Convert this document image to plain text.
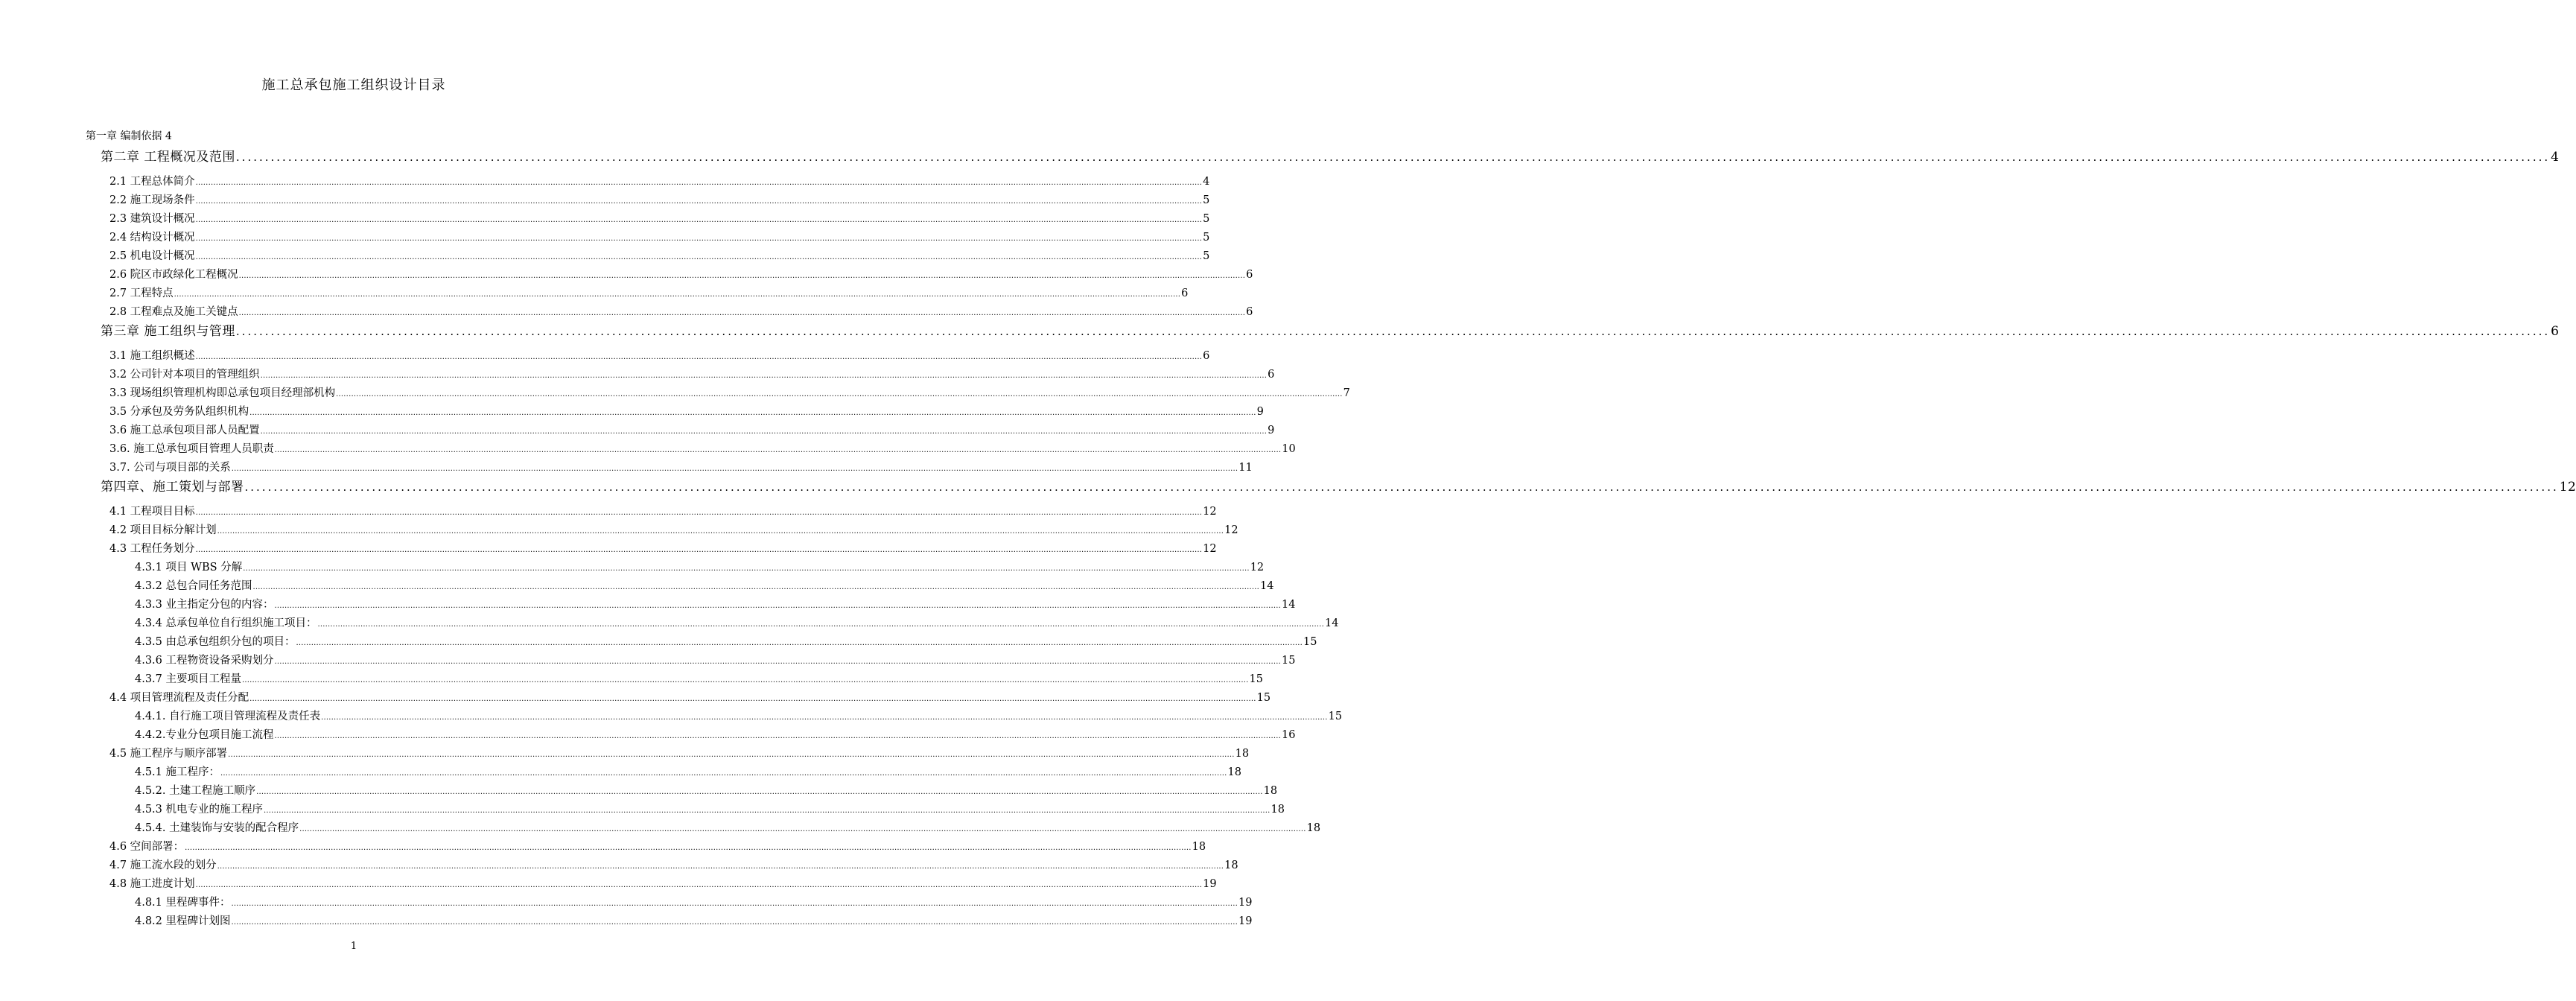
施工总承包施工组织设计目录
第一章 编制依据 4
第二章 工程概况及范围 ................................................................................................................................................................................................................................................................................................................................................................................................................ 4
2.1 工程总体简介 ................................................................................................................................................................................................................................................................................................................................................................................................................ 4
2.2 施工现场条件 ................................................................................................................................................................................................................................................................................................................................................................................................................ 5
2.3 建筑设计概况 ................................................................................................................................................................................................................................................................................................................................................................................................................ 5
2.4 结构设计概况 ................................................................................................................................................................................................................................................................................................................................................................................................................ 5
2.5 机电设计概况 ................................................................................................................................................................................................................................................................................................................................................................................................................ 5
2.6 院区市政绿化工程概况 ................................................................................................................................................................................................................................................................................................................................................................................................................ 6
2.7 工程特点 ................................................................................................................................................................................................................................................................................................................................................................................................................ 6
2.8 工程难点及施工关键点 ................................................................................................................................................................................................................................................................................................................................................................................................................ 6
第三章 施工组织与管理 ................................................................................................................................................................................................................................................................................................................................................................................................................ 6
3.1 施工组织概述 ................................................................................................................................................................................................................................................................................................................................................................................................................ 6
3.2 公司针对本项目的管理组织 ................................................................................................................................................................................................................................................................................................................................................................................................................ 6
3.3 现场组织管理机构即总承包项目经理部机构 ................................................................................................................................................................................................................................................................................................................................................................................................................ 7
3.5 分承包及劳务队组织机构 ................................................................................................................................................................................................................................................................................................................................................................................................................ 9
3.6 施工总承包项目部人员配置 ................................................................................................................................................................................................................................................................................................................................................................................................................ 9
3.6. 施工总承包项目管理人员职责 ................................................................................................................................................................................................................................................................................................................................................................................................................ 10
3.7. 公司与项目部的关系 ................................................................................................................................................................................................................................................................................................................................................................................................................ 11
第四章、施工策划与部署 ................................................................................................................................................................................................................................................................................................................................................................................................................ 12
4.1 工程项目目标 ................................................................................................................................................................................................................................................................................................................................................................................................................ 12
4.2 项目目标分解计划 ................................................................................................................................................................................................................................................................................................................................................................................................................ 12
4.3 工程任务划分 ................................................................................................................................................................................................................................................................................................................................................................................................................ 12
4.3.1 项目 WBS 分解 ................................................................................................................................................................................................................................................................................................................................................................................................................ 12
4.3.2 总包合同任务范围 ................................................................................................................................................................................................................................................................................................................................................................................................................ 14
4.3.3 业主指定分包的内容： ................................................................................................................................................................................................................................................................................................................................................................................................................ 14
4.3.4 总承包单位自行组织施工项目： ................................................................................................................................................................................................................................................................................................................................................................................................................ 14
4.3.5 由总承包组织分包的项目： ................................................................................................................................................................................................................................................................................................................................................................................................................ 15
4.3.6 工程物资设备采购划分 ................................................................................................................................................................................................................................................................................................................................................................................................................ 15
4.3.7 主要项目工程量 ................................................................................................................................................................................................................................................................................................................................................................................................................ 15
4.4 项目管理流程及责任分配 ................................................................................................................................................................................................................................................................................................................................................................................................................ 15
4.4.1. 自行施工项目管理流程及责任表 ................................................................................................................................................................................................................................................................................................................................................................................................................ 15
4.4.2.专业分包项目施工流程 ................................................................................................................................................................................................................................................................................................................................................................................................................ 16
4.5 施工程序与顺序部署 ................................................................................................................................................................................................................................................................................................................................................................................................................ 18
4.5.1 施工程序： ................................................................................................................................................................................................................................................................................................................................................................................................................ 18
4.5.2. 土建工程施工顺序 ................................................................................................................................................................................................................................................................................................................................................................................................................ 18
4.5.3 机电专业的施工程序 ................................................................................................................................................................................................................................................................................................................................................................................................................ 18
4.5.4. 土建装饰与安装的配合程序 ................................................................................................................................................................................................................................................................................................................................................................................................................ 18
4.6 空间部署： ................................................................................................................................................................................................................................................................................................................................................................................................................ 18
4.7 施工流水段的划分 ................................................................................................................................................................................................................................................................................................................................................................................................................ 18
4.8 施工进度计划 ................................................................................................................................................................................................................................................................................................................................................................................................................ 19
4.8.1 里程碑事件： ................................................................................................................................................................................................................................................................................................................................................................................................................ 19
4.8.2 里程碑计划图 ................................................................................................................................................................................................................................................................................................................................................................................................................ 19
1
